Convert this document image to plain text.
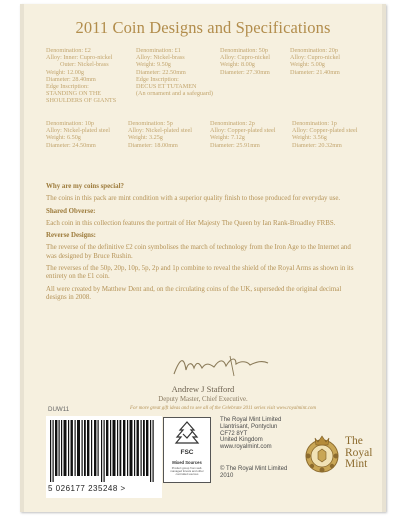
2011 Coin Designs and Specifications
Denomination: £2
Alloy: Inner: Cupro-nickel
Outer: Nickel-brass
Weight: 12.00g
Diameter: 28.40mm
Edge Inscription:
STANDING ON THE
SHOULDERS OF GIANTS
Denomination: £1
Alloy: Nickel-brass
Weight: 9.50g
Diameter: 22.50mm
Edge Inscription:
DECUS ET TUTAMEN
(An ornament and a safeguard)
Denomination: 50p
Alloy: Cupro-nickel
Weight: 8.00g
Diameter: 27.30mm
Denomination: 20p
Alloy: Cupro-nickel
Weight: 5.00g
Diameter: 21.40mm
Denomination: 10p
Alloy: Nickel-plated steel
Weight: 6.50g
Diameter: 24.50mm
Denomination: 5p
Alloy: Nickel-plated steel
Weight: 3.25g
Diameter: 18.00mm
Denomination: 2p
Alloy: Copper-plated steel
Weight: 7.12g
Diameter: 25.91mm
Denomination: 1p
Alloy: Copper-plated steel
Weight: 3.56g
Diameter: 20.32mm
Why are my coins special?
The coins in this pack are mint condition with a superior quality finish to those produced for everyday use.
Shared Obverse:
Each coin in this collection features the portrait of Her Majesty The Queen by Ian Rank-Broadley FRBS.
Reverse Designs:
The reverse of the definitive £2 coin symbolises the march of technology from the Iron Age to the Internet and was designed by Bruce Rushin.
The reverses of the 50p, 20p, 10p, 5p, 2p and 1p combine to reveal the shield of the Royal Arms as shown in its entirety on the £1 coin.
All were created by Matthew Dent and, on the circulating coins of the UK, superseded the original decimal designs in 2008.
Andrew J Stafford
Deputy Master, Chief Executive.
DUW11	For more great gift ideas and to see all of the Celebrate 2011 series visit www.royalmint.com
5 026177 235248 >
FSC
Mixed Sources
Product group from well-managed forests and other controlled sources
The Royal Mint Limited
Llantrisant, Pontyclun
CF72 8YT
United Kingdom
www.royalmint.com
© The Royal Mint Limited
2010
The
Royal
Mint
